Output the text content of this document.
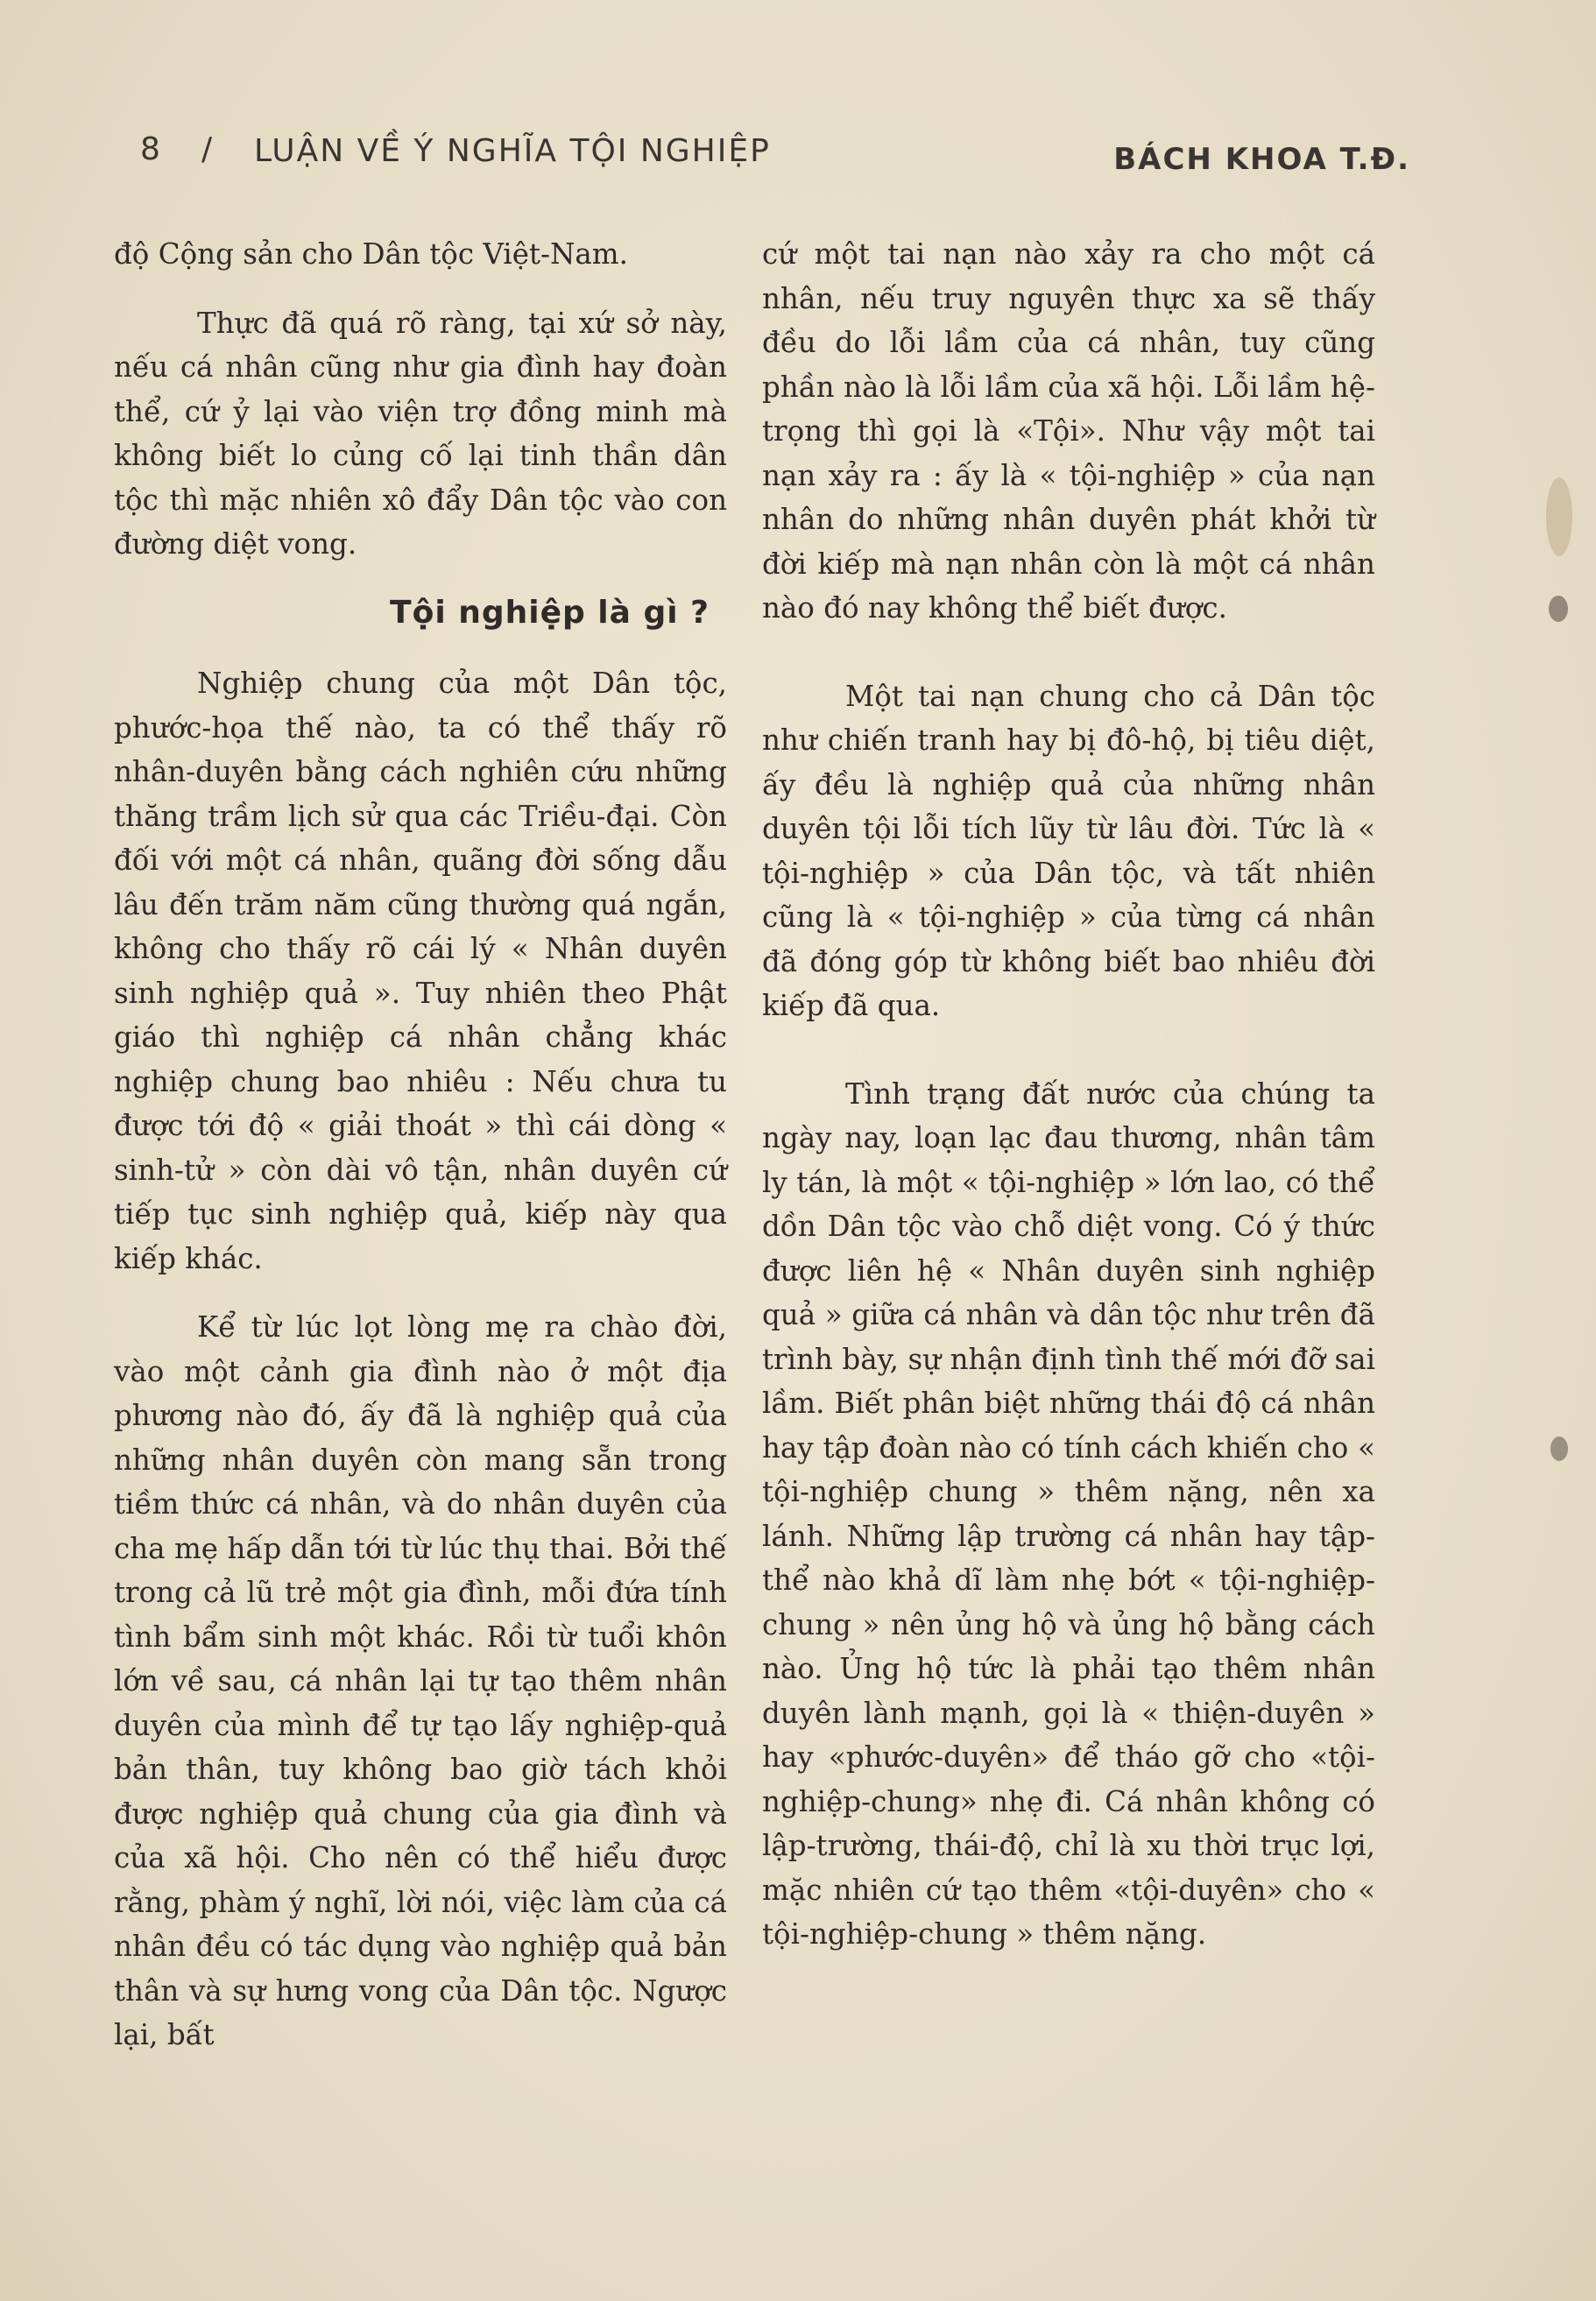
8 / LUẬN VỀ Ý NGHĨA TỘI NGHIỆP	BÁCH KHOA T.Đ.

độ Cộng sản cho Dân tộc Việt-Nam.

Thực đã quá rõ ràng, tại xứ sở này, nếu cá nhân cũng như gia đình hay đoàn thể, cứ ỷ lại vào viện trợ đồng minh mà không biết lo củng cố lại tinh thần dân tộc thì mặc nhiên xô đẩy Dân tộc vào con đường diệt vong.

Tội nghiệp là gì ?

Nghiệp chung của một Dân tộc, phước-họa thế nào, ta có thể thấy rõ nhân-duyên bằng cách nghiên cứu những thăng trầm lịch sử qua các Triều-đại. Còn đối với một cá nhân, quãng đời sống dẫu lâu đến trăm năm cũng thường quá ngắn, không cho thấy rõ cái lý « Nhân duyên sinh nghiệp quả ». Tuy nhiên theo Phật giáo thì nghiệp cá nhân chẳng khác nghiệp chung bao nhiêu : Nếu chưa tu được tới độ « giải thoát » thì cái dòng « sinh-tử » còn dài vô tận, nhân duyên cứ tiếp tục sinh nghiệp quả, kiếp này qua kiếp khác.

Kể từ lúc lọt lòng mẹ ra chào đời, vào một cảnh gia đình nào ở một địa phương nào đó, ấy đã là nghiệp quả của những nhân duyên còn mang sẵn trong tiềm thức cá nhân, và do nhân duyên của cha mẹ hấp dẫn tới từ lúc thụ thai. Bởi thế trong cả lũ trẻ một gia đình, mỗi đứa tính tình bẩm sinh một khác. Rồi từ tuổi khôn lớn về sau, cá nhân lại tự tạo thêm nhân duyên của mình để tự tạo lấy nghiệp-quả bản thân, tuy không bao giờ tách khỏi được nghiệp quả chung của gia đình và của xã hội. Cho nên có thể hiểu được rằng, phàm ý nghĩ, lời nói, việc làm của cá nhân đều có tác dụng vào nghiệp quả bản thân và sự hưng vong của Dân tộc. Ngược lại, bất

cứ một tai nạn nào xảy ra cho một cá nhân, nếu truy nguyên thực xa sẽ thấy đều do lỗi lầm của cá nhân, tuy cũng phần nào là lỗi lầm của xã hội. Lỗi lầm hệ-trọng thì gọi là «Tội». Như vậy một tai nạn xảy ra : ấy là « tội-nghiệp » của nạn nhân do những nhân duyên phát khởi từ đời kiếp mà nạn nhân còn là một cá nhân nào đó nay không thể biết được.

Một tai nạn chung cho cả Dân tộc như chiến tranh hay bị đô-hộ, bị tiêu diệt, ấy đều là nghiệp quả của những nhân duyên tội lỗi tích lũy từ lâu đời. Tức là « tội-nghiệp » của Dân tộc, và tất nhiên cũng là « tội-nghiệp » của từng cá nhân đã đóng góp từ không biết bao nhiêu đời kiếp đã qua.

Tình trạng đất nước của chúng ta ngày nay, loạn lạc đau thương, nhân tâm ly tán, là một « tội-nghiệp » lớn lao, có thể dồn Dân tộc vào chỗ diệt vong. Có ý thức được liên hệ « Nhân duyên sinh nghiệp quả » giữa cá nhân và dân tộc như trên đã trình bày, sự nhận định tình thế mới đỡ sai lầm. Biết phân biệt những thái độ cá nhân hay tập đoàn nào có tính cách khiến cho « tội-nghiệp chung » thêm nặng, nên xa lánh. Những lập trường cá nhân hay tập-thể nào khả dĩ làm nhẹ bớt « tội-nghiệp-chung » nên ủng hộ và ủng hộ bằng cách nào. Ủng hộ tức là phải tạo thêm nhân duyên lành mạnh, gọi là « thiện-duyên » hay «phước-duyên» để tháo gỡ cho «tội-nghiệp-chung» nhẹ đi. Cá nhân không có lập-trường, thái-độ, chỉ là xu thời trục lợi, mặc nhiên cứ tạo thêm «tội-duyên» cho « tội-nghiệp-chung » thêm nặng.
